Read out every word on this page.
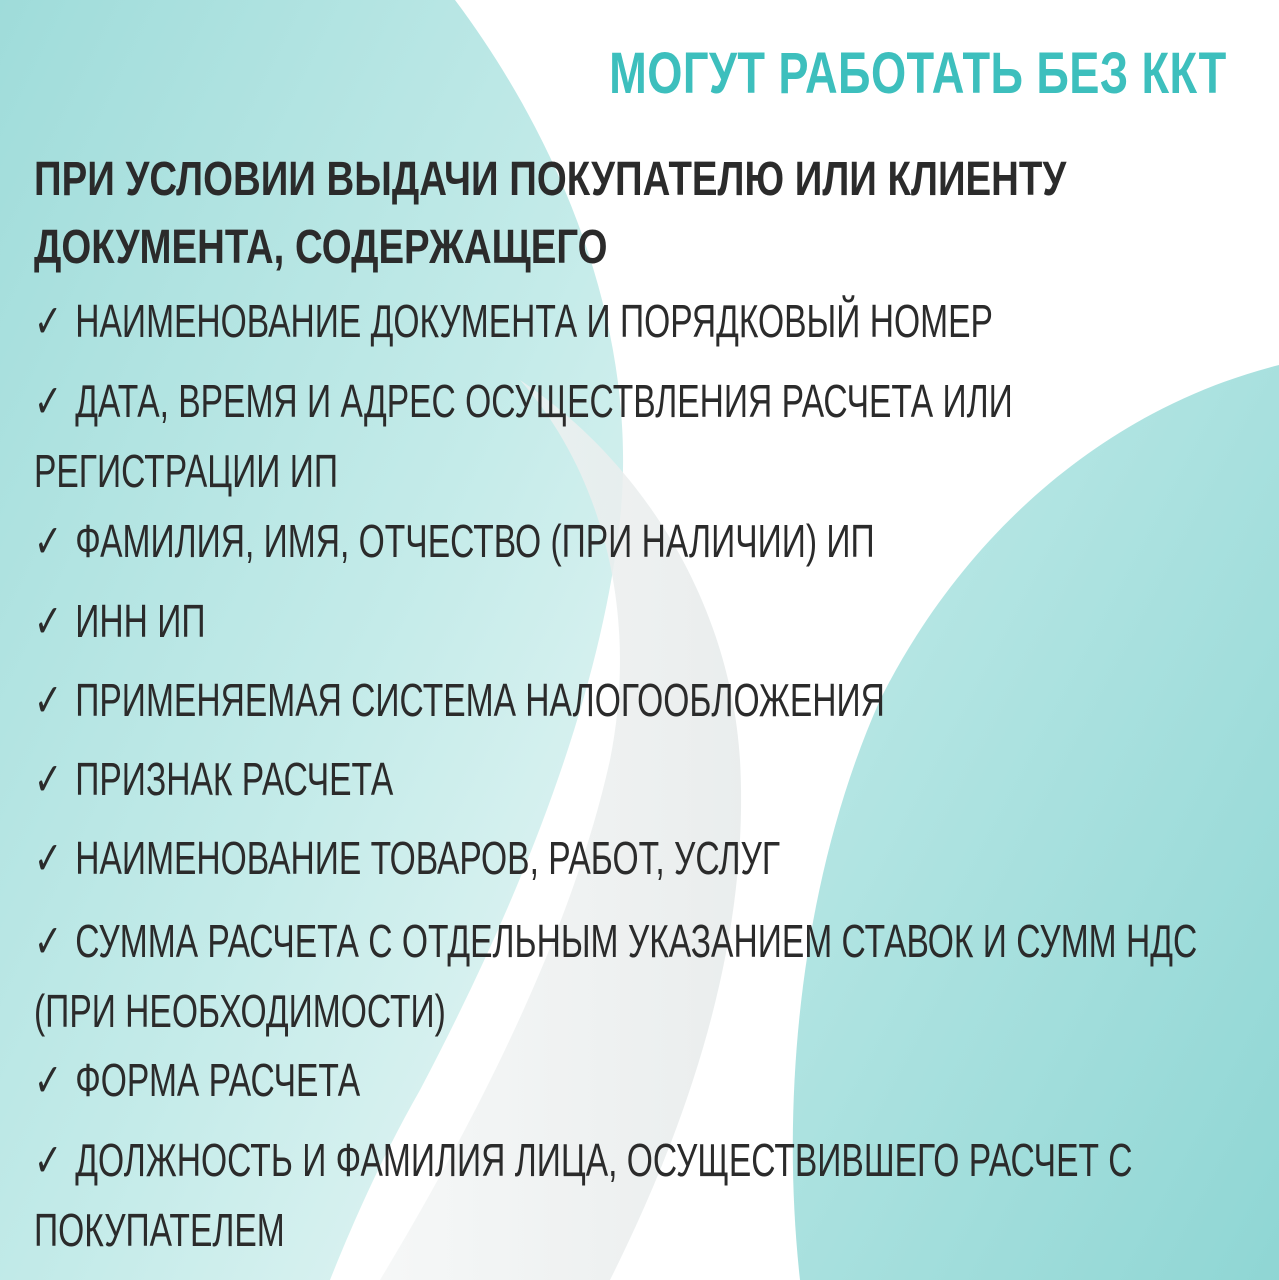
МОГУТ РАБОТАТЬ БЕЗ ККТ

ПРИ УСЛОВИИ ВЫДАЧИ ПОКУПАТЕЛЮ ИЛИ КЛИЕНТУ ДОКУМЕНТА, СОДЕРЖАЩЕГО

✓ НАИМЕНОВАНИЕ ДОКУМЕНТА И ПОРЯДКОВЫЙ НОМЕР

✓ ДАТА, ВРЕМЯ И АДРЕС ОСУЩЕСТВЛЕНИЯ РАСЧЕТА ИЛИ РЕГИСТРАЦИИ ИП

✓ ФАМИЛИЯ, ИМЯ, ОТЧЕСТВО (ПРИ НАЛИЧИИ) ИП

✓ ИНН ИП

✓ ПРИМЕНЯЕМАЯ СИСТЕМА НАЛОГООБЛОЖЕНИЯ

✓ ПРИЗНАК РАСЧЕТА

✓ НАИМЕНОВАНИЕ ТОВАРОВ, РАБОТ, УСЛУГ

✓ СУММА РАСЧЕТА С ОТДЕЛЬНЫМ УКАЗАНИЕМ СТАВОК И СУММ НДС (ПРИ НЕОБХОДИМОСТИ)

✓ ФОРМА РАСЧЕТА

✓ ДОЛЖНОСТЬ И ФАМИЛИЯ ЛИЦА, ОСУЩЕСТВИВШЕГО РАСЧЕТ С ПОКУПАТЕЛЕМ
